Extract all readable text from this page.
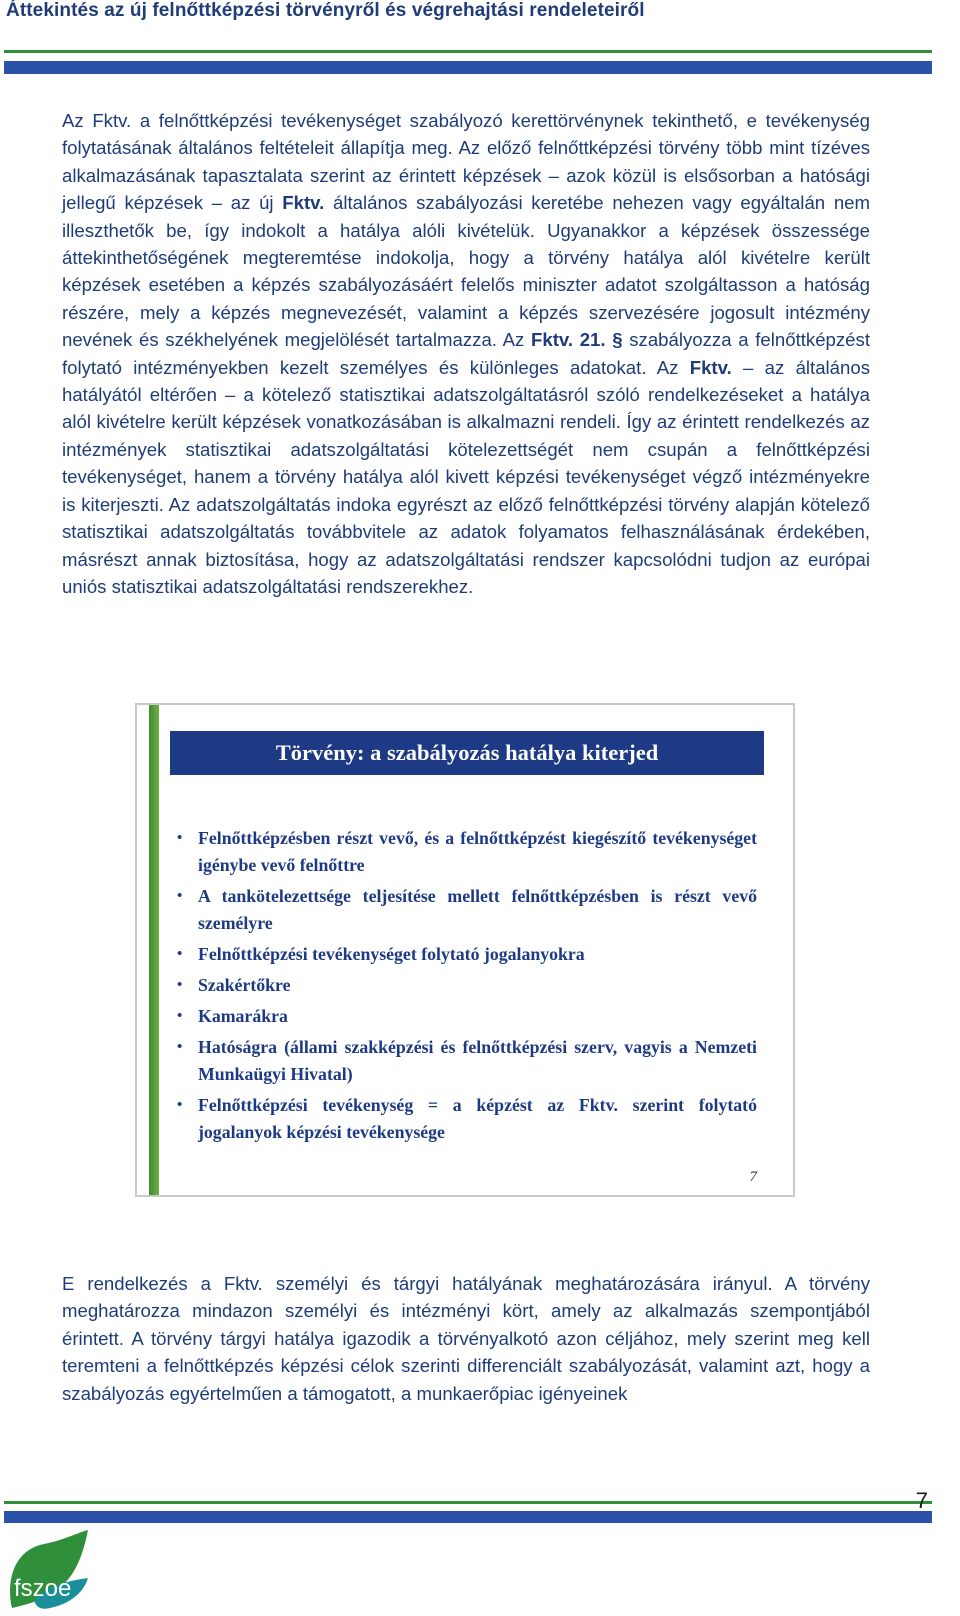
Áttekintés az új felnőttképzési törvényről és végrehajtási rendeleteiről

Az Fktv. a felnőttképzési tevékenységet szabályozó kerettörvénynek tekinthető, e tevékenység folytatásának általános feltételeit állapítja meg. Az előző felnőttképzési törvény több mint tízéves alkalmazásának tapasztalata szerint az érintett képzések – azok közül is elsősorban a hatósági jellegű képzések – az új Fktv. általános szabályozási keretébe nehezen vagy egyáltalán nem illeszthetők be, így indokolt a hatálya alóli kivételük. Ugyanakkor a képzések összessége áttekinthetőségének megteremtése indokolja, hogy a törvény hatálya alól kivételre került képzések esetében a képzés szabályozásáért felelős miniszter adatot szolgáltasson a hatóság részére, mely a képzés megnevezését, valamint a képzés szervezésére jogosult intézmény nevének és székhelyének megjelölését tartalmazza. Az Fktv. 21. § szabályozza a felnőttképzést folytató intézményekben kezelt személyes és különleges adatokat. Az Fktv. – az általános hatályától eltérően – a kötelező statisztikai adatszolgáltatásról szóló rendelkezéseket a hatálya alól kivételre került képzések vonatkozásában is alkalmazni rendeli. Így az érintett rendelkezés az intézmények statisztikai adatszolgáltatási kötelezettségét nem csupán a felnőttképzési tevékenységet, hanem a törvény hatálya alól kivett képzési tevékenységet végző intézményekre is kiterjeszti. Az adatszolgáltatás indoka egyrészt az előző felnőttképzési törvény alapján kötelező statisztikai adatszolgáltatás továbbvitele az adatok folyamatos felhasználásának érdekében, másrészt annak biztosítása, hogy az adatszolgáltatási rendszer kapcsolódni tudjon az európai uniós statisztikai adatszolgáltatási rendszerekhez.

Törvény: a szabályozás hatálya kiterjed
• Felnőttképzésben részt vevő, és a felnőttképzést kiegészítő tevékenységet igénybe vevő felnőttre
• A tankötelezettsége teljesítése mellett felnőttképzésben is részt vevő személyre
• Felnőttképzési tevékenységet folytató jogalanyokra
• Szakértőkre
• Kamarákra
• Hatóságra (állami szakképzési és felnőttképzési szerv, vagyis a Nemzeti Munkaügyi Hivatal)
• Felnőttképzési tevékenység = a képzést az Fktv. szerint folytató jogalanyok képzési tevékenysége
7

E rendelkezés a Fktv. személyi és tárgyi hatályának meghatározására irányul. A törvény meghatározza mindazon személyi és intézményi kört, amely az alkalmazás szempontjából érintett. A törvény tárgyi hatálya igazodik a törvényalkotó azon céljához, mely szerint meg kell teremteni a felnőttképzés képzési célok szerinti differenciált szabályozását, valamint azt, hogy a szabályozás egyértelműen a támogatott, a munkaerőpiac igényeinek

7
fszoe
